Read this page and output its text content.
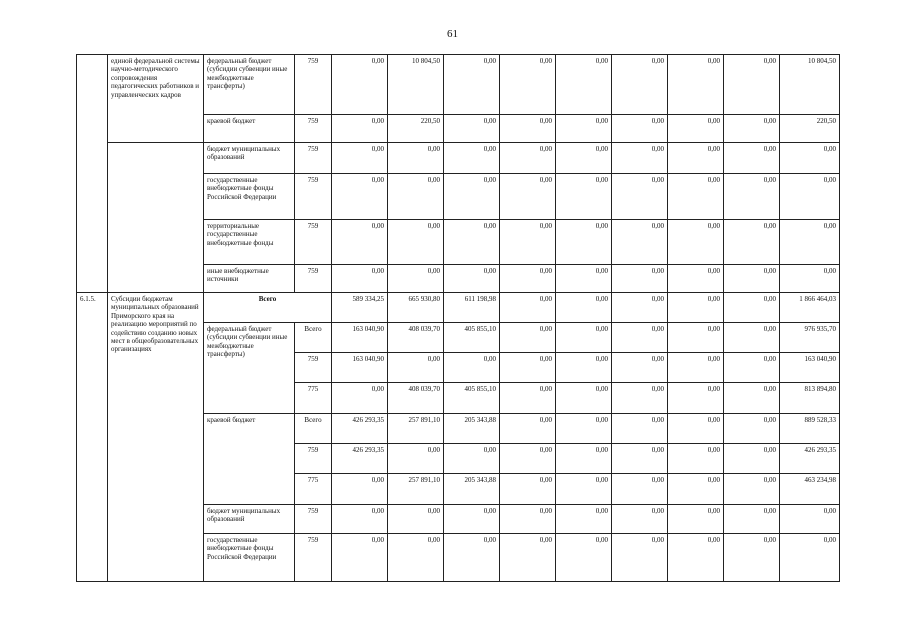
61
	единой федеральной системы научно-методического сопровождения педагогических работников и управленческих кадров	федеральный бюджет (субсидии субвенции иные межбюджетные трансферты)	759	0,00	10 804,50	0,00	0,00	0,00	0,00	0,00	0,00	10 804,50
		краевой бюджет	759	0,00	220,50	0,00	0,00	0,00	0,00	0,00	0,00	220,50
		бюджет муниципальных образований	759	0,00	0,00	0,00	0,00	0,00	0,00	0,00	0,00	0,00
		государственные внебюджетные фонды Российской Федерации	759	0,00	0,00	0,00	0,00	0,00	0,00	0,00	0,00	0,00
		территориальные государственные внебюджетные фонды	759	0,00	0,00	0,00	0,00	0,00	0,00	0,00	0,00	0,00
		иные внебюджетные источники	759	0,00	0,00	0,00	0,00	0,00	0,00	0,00	0,00	0,00
6.1.5.	Субсидии бюджетам муниципальных образований Приморского края на реализацию мероприятий по содействию созданию новых мест в общеобразовательных организациях	Всего		589 334,25	665 930,80	611 198,98	0,00	0,00	0,00	0,00	0,00	1 866 464,03
		федеральный бюджет (субсидии субвенции иные межбюджетные трансферты)	Всего	163 040,90	408 039,70	405 855,10	0,00	0,00	0,00	0,00	0,00	976 935,70
			759	163 040,90	0,00	0,00	0,00	0,00	0,00	0,00	0,00	163 040,90
			775	0,00	408 039,70	405 855,10	0,00	0,00	0,00	0,00	0,00	813 894,80
		краевой бюджет	Всего	426 293,35	257 891,10	205 343,88	0,00	0,00	0,00	0,00	0,00	889 528,33
			759	426 293,35	0,00	0,00	0,00	0,00	0,00	0,00	0,00	426 293,35
			775	0,00	257 891,10	205 343,88	0,00	0,00	0,00	0,00	0,00	463 234,98
		бюджет муниципальных образований	759	0,00	0,00	0,00	0,00	0,00	0,00	0,00	0,00	0,00
		государственные внебюджетные фонды Российской Федерации	759	0,00	0,00	0,00	0,00	0,00	0,00	0,00	0,00	0,00
